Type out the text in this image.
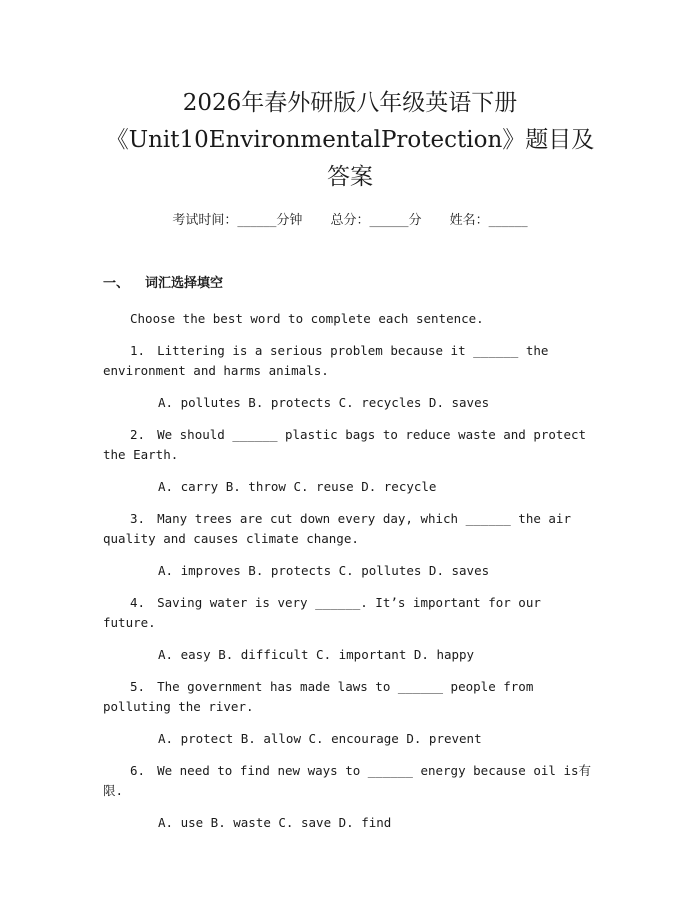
2026年春外研版八年级英语下册
《Unit10EnvironmentalProtection》题目及
答案
考试时间：______分钟 总分：______分 姓名：______
一、 词汇选择填空
Choose the best word to complete each sentence.
1. Littering is a serious problem because it ______ the environment and harms animals.
A. pollutes B. protects C. recycles D. saves
2. We should ______ plastic bags to reduce waste and protect the Earth.
A. carry B. throw C. reuse D. recycle
3. Many trees are cut down every day, which ______ the air quality and causes climate change.
A. improves B. protects C. pollutes D. saves
4. Saving water is very ______. It’s important for our future.
A. easy B. difficult C. important D. happy
5. The government has made laws to ______ people from polluting the river.
A. protect B. allow C. encourage D. prevent
6. We need to find new ways to ______ energy because oil is有限.
A. use B. waste C. save D. find
